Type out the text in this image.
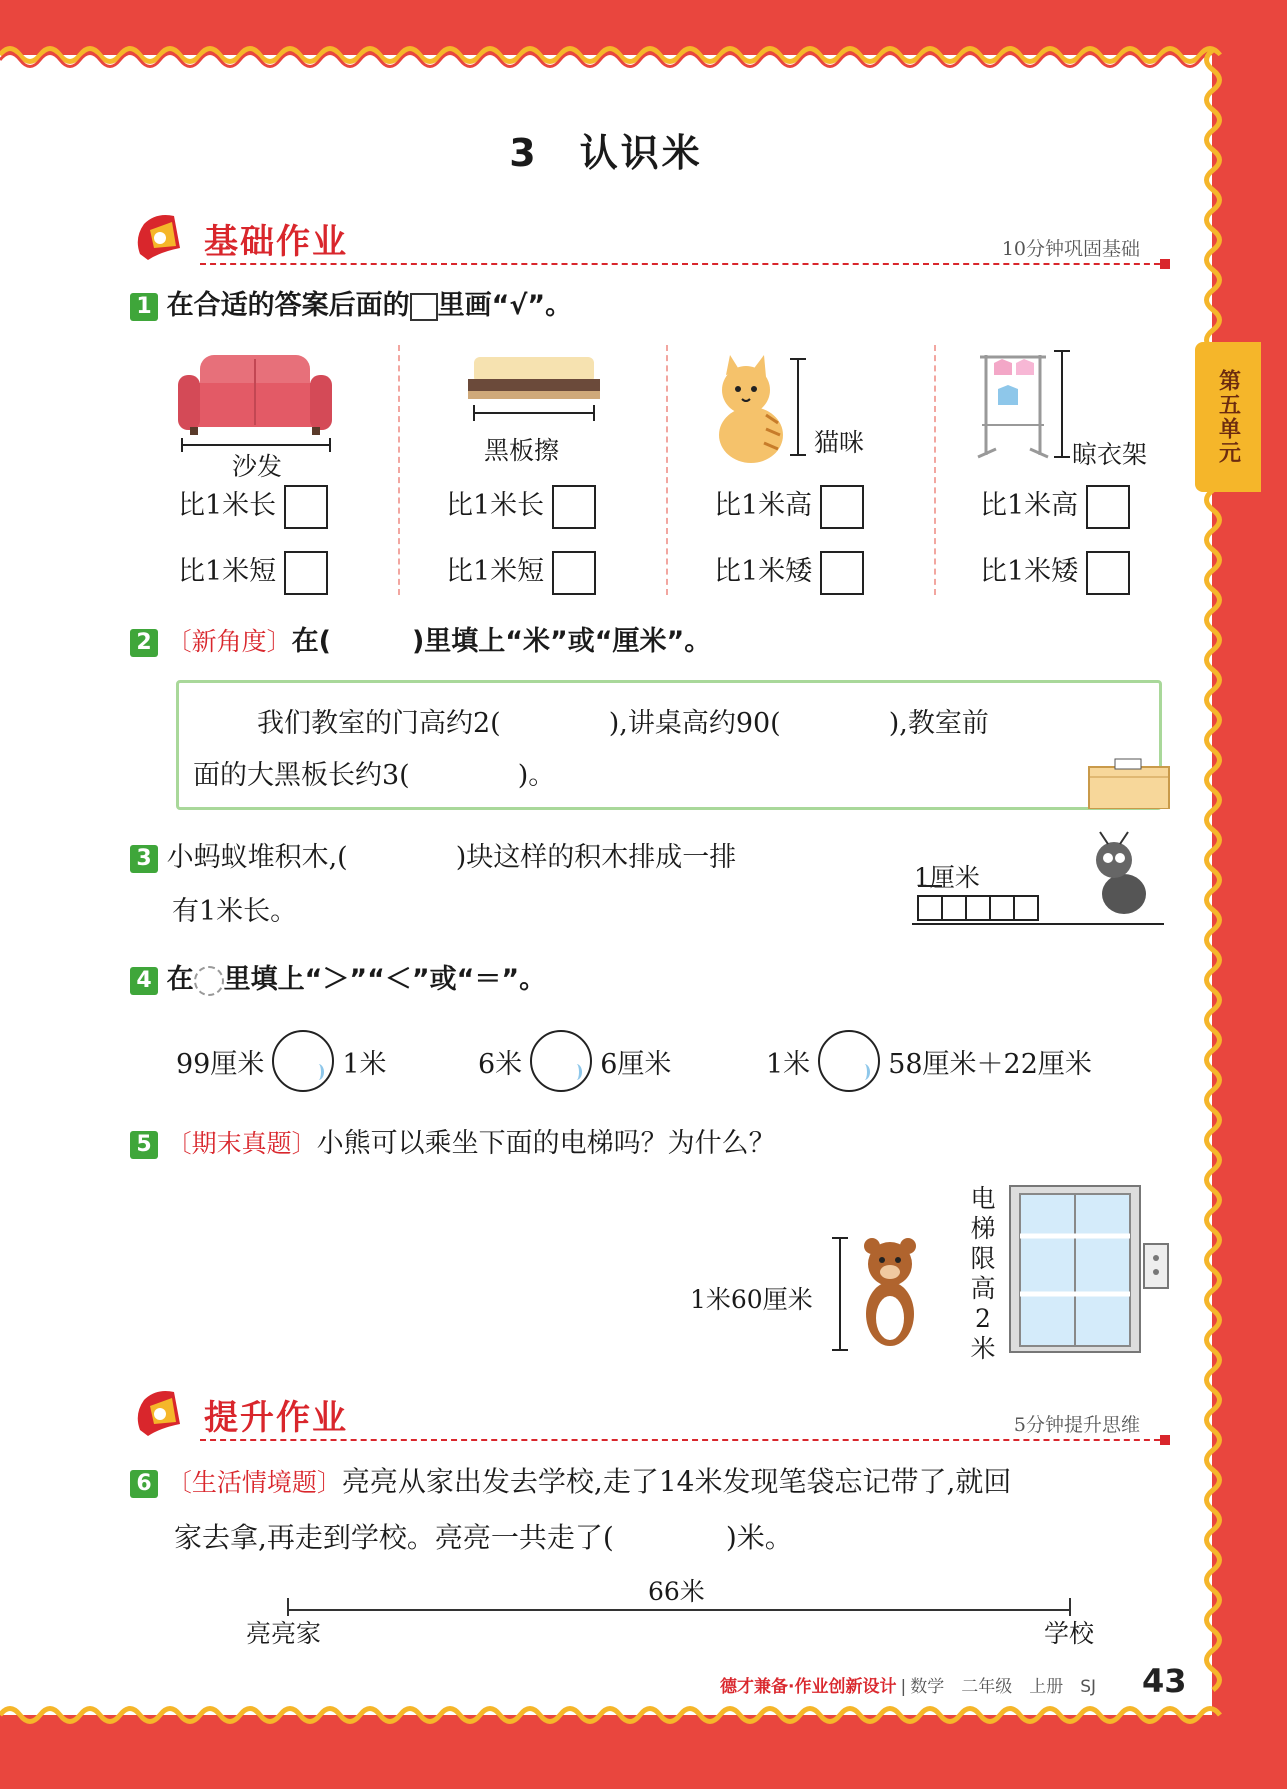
第五单元
3　认识米
基础作业	10分钟巩固基础
1 在合适的答案后面的 里画“√”。
沙发
比1米长
比1米短
黑板擦
比1米长
比1米短
猫咪
比1米高
比1米矮
晾衣架
比1米高
比1米矮
2 〔新角度〕在(　　　)里填上“米”或“厘米”。
我们教室的门高约2(　　　　),讲桌高约90(　　　　),教室前
面的大黑板长约3(　　　　)。
3 小蚂蚁堆积木,(　　　　)块这样的积木排成一排
有1米长。
1厘米
4 在 里填上“＞”“＜”或“＝”。
99厘米	1米	6米	6厘米	1米	58厘米＋22厘米
5 〔期末真题〕小熊可以乘坐下面的电梯吗？为什么？
1米60厘米
电梯限高2米
提升作业	5分钟提升思维
6 〔生活情境题〕亮亮从家出发去学校,走了14米发现笔袋忘记带了,就回
家去拿,再走到学校。亮亮一共走了(　　　　)米。
66米
亮亮家	学校
德才兼备·作业创新设计 | 数学　二年级　上册　SJ 43
